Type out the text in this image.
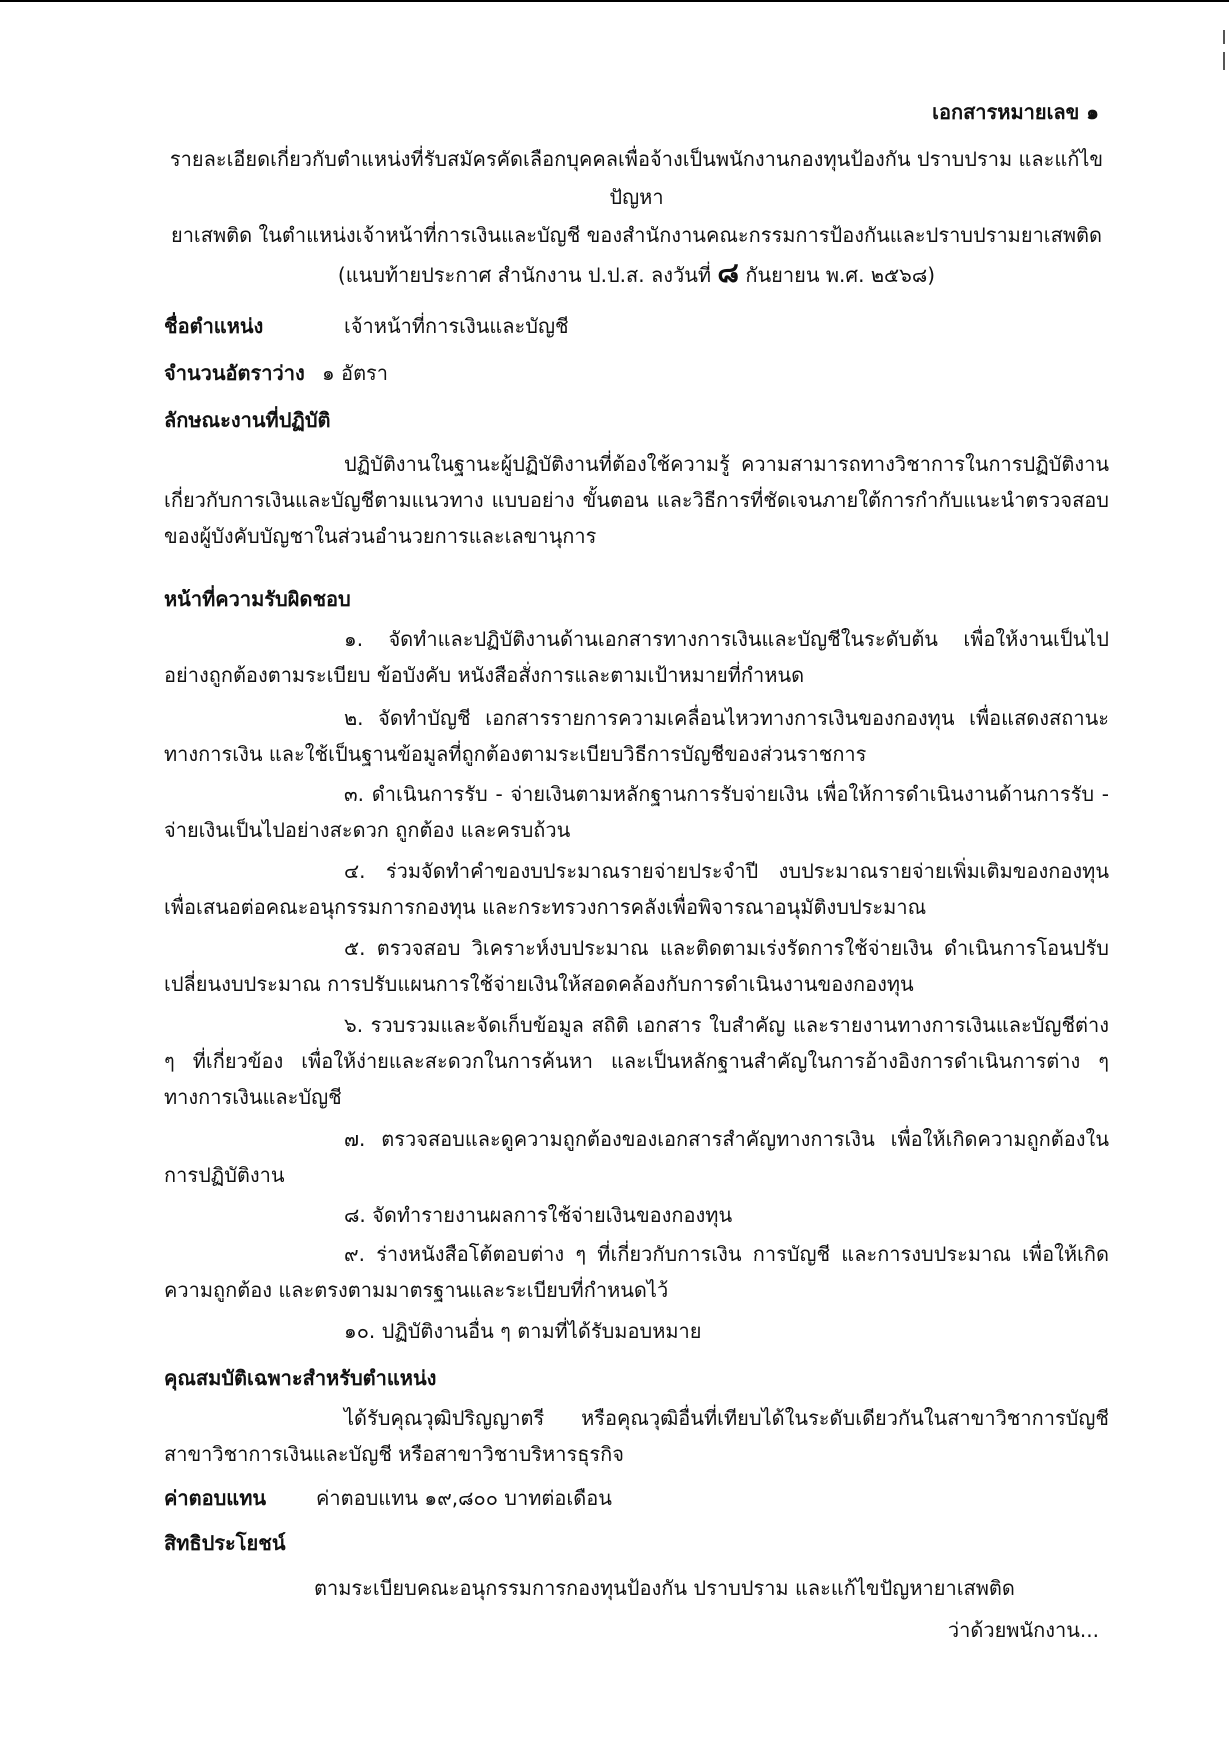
เอกสารหมายเลข ๑
รายละเอียดเกี่ยวกับตำแหน่งที่รับสมัครคัดเลือกบุคคลเพื่อจ้างเป็นพนักงานกองทุนป้องกัน ปราบปราม และแก้ไขปัญหา
ยาเสพติด ในตำแหน่งเจ้าหน้าที่การเงินและบัญชี ของสำนักงานคณะกรรมการป้องกันและปราบปรามยาเสพติด
(แนบท้ายประกาศ สำนักงาน ป.ป.ส. ลงวันที่ ๘ กันยายน พ.ศ. ๒๕๖๘)
ชื่อตำแหน่ง	เจ้าหน้าที่การเงินและบัญชี
จำนวนอัตราว่าง ๑ อัตรา
ลักษณะงานที่ปฏิบัติ
ปฏิบัติงานในฐานะผู้ปฏิบัติงานที่ต้องใช้ความรู้ ความสามารถทางวิชาการในการปฏิบัติงานเกี่ยวกับการเงินและบัญชีตามแนวทาง แบบอย่าง ขั้นตอน และวิธีการที่ชัดเจนภายใต้การกำกับแนะนำตรวจสอบของผู้บังคับบัญชาในส่วนอำนวยการและเลขานุการ
หน้าที่ความรับผิดชอบ
๑. จัดทำและปฏิบัติงานด้านเอกสารทางการเงินและบัญชีในระดับต้น เพื่อให้งานเป็นไปอย่างถูกต้องตามระเบียบ ข้อบังคับ หนังสือสั่งการและตามเป้าหมายที่กำหนด
๒. จัดทำบัญชี เอกสารรายการความเคลื่อนไหวทางการเงินของกองทุน เพื่อแสดงสถานะทางการเงิน และใช้เป็นฐานข้อมูลที่ถูกต้องตามระเบียบวิธีการบัญชีของส่วนราชการ
๓. ดำเนินการรับ - จ่ายเงินตามหลักฐานการรับจ่ายเงิน เพื่อให้การดำเนินงานด้านการรับ - จ่ายเงินเป็นไปอย่างสะดวก ถูกต้อง และครบถ้วน
๔. ร่วมจัดทำคำของบประมาณรายจ่ายประจำปี งบประมาณรายจ่ายเพิ่มเติมของกองทุนเพื่อเสนอต่อคณะอนุกรรมการกองทุน และกระทรวงการคลังเพื่อพิจารณาอนุมัติงบประมาณ
๕. ตรวจสอบ วิเคราะห์งบประมาณ และติดตามเร่งรัดการใช้จ่ายเงิน ดำเนินการโอนปรับเปลี่ยนงบประมาณ การปรับแผนการใช้จ่ายเงินให้สอดคล้องกับการดำเนินงานของกองทุน
๖. รวบรวมและจัดเก็บข้อมูล สถิติ เอกสาร ใบสำคัญ และรายงานทางการเงินและบัญชีต่าง ๆ ที่เกี่ยวข้อง เพื่อให้ง่ายและสะดวกในการค้นหา และเป็นหลักฐานสำคัญในการอ้างอิงการดำเนินการต่าง ๆ ทางการเงินและบัญชี
๗. ตรวจสอบและดูความถูกต้องของเอกสารสำคัญทางการเงิน เพื่อให้เกิดความถูกต้องในการปฏิบัติงาน
๘. จัดทำรายงานผลการใช้จ่ายเงินของกองทุน
๙. ร่างหนังสือโต้ตอบต่าง ๆ ที่เกี่ยวกับการเงิน การบัญชี และการงบประมาณ เพื่อให้เกิดความถูกต้อง และตรงตามมาตรฐานและระเบียบที่กำหนดไว้
๑๐. ปฏิบัติงานอื่น ๆ ตามที่ได้รับมอบหมาย
คุณสมบัติเฉพาะสำหรับตำแหน่ง
ได้รับคุณวุฒิปริญญาตรี หรือคุณวุฒิอื่นที่เทียบได้ในระดับเดียวกันในสาขาวิชาการบัญชี สาขาวิชาการเงินและบัญชี หรือสาขาวิชาบริหารธุรกิจ
ค่าตอบแทน ค่าตอบแทน ๑๙,๘๐๐ บาทต่อเดือน
สิทธิประโยชน์
ตามระเบียบคณะอนุกรรมการกองทุนป้องกัน ปราบปราม และแก้ไขปัญหายาเสพติด
ว่าด้วยพนักงาน...
